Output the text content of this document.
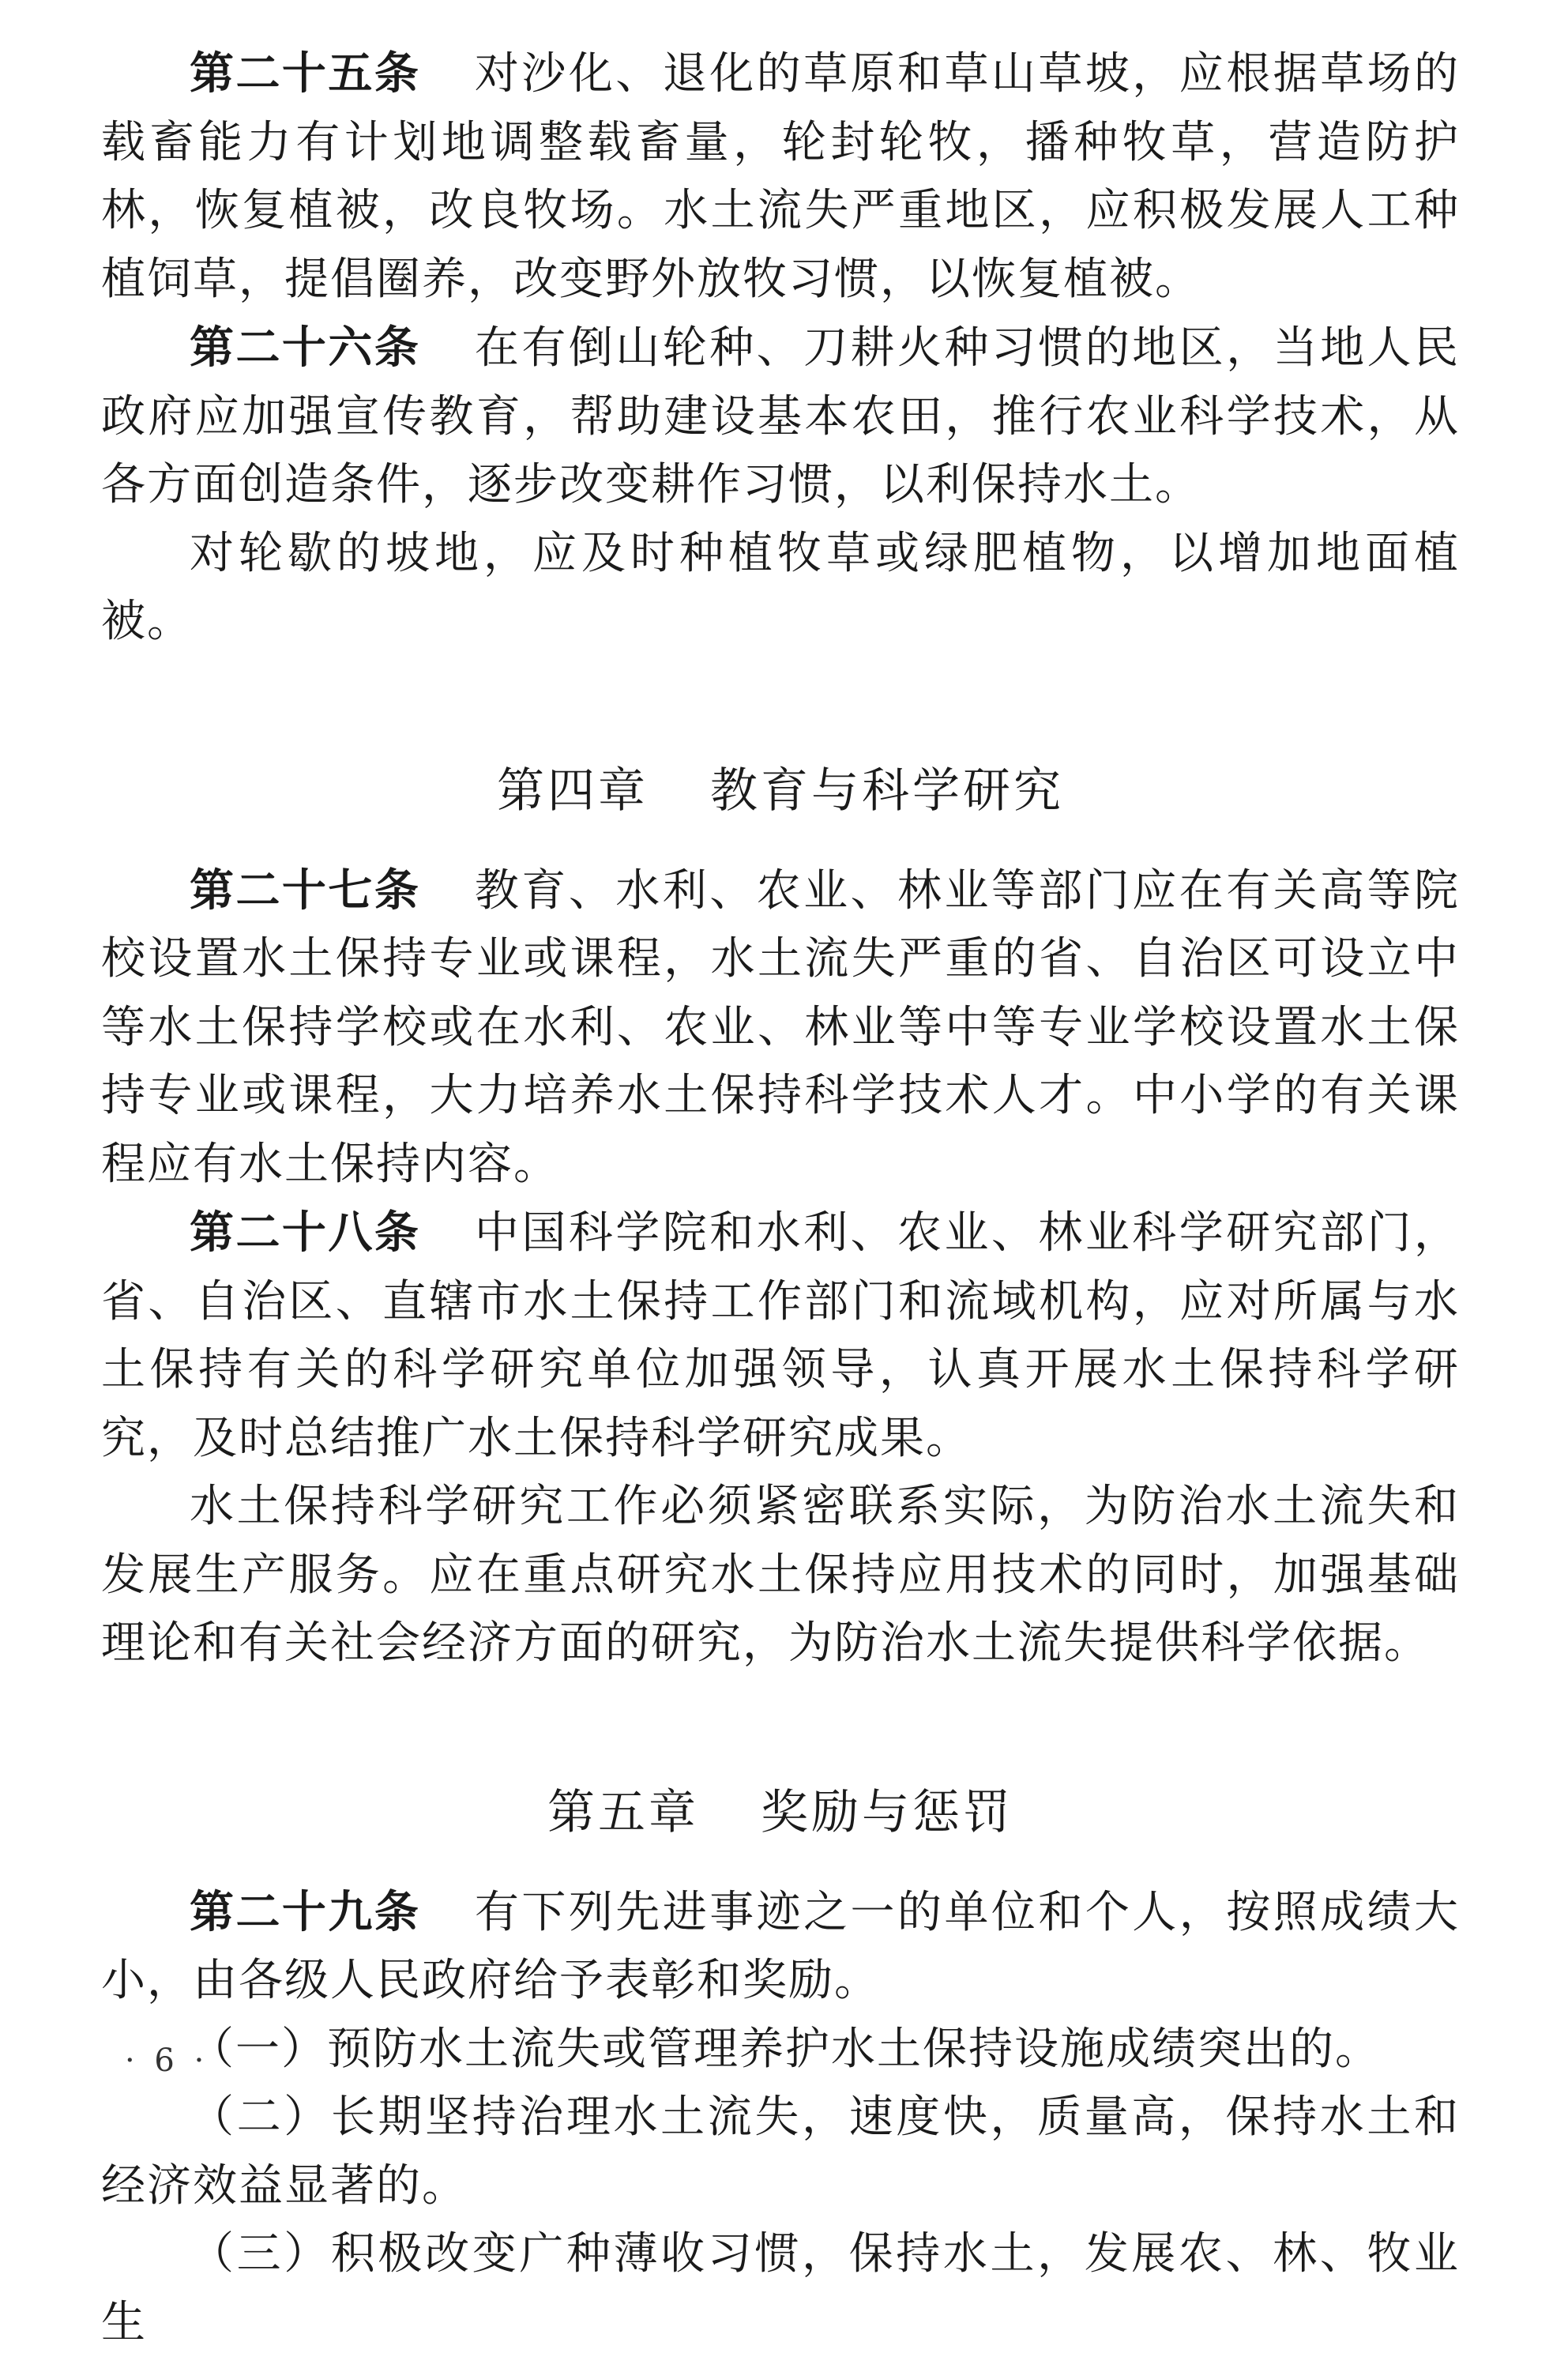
第二十五条 对沙化、退化的草原和草山草坡，应根据草场的载畜能力有计划地调整载畜量，轮封轮牧，播种牧草，营造防护林，恢复植被，改良牧场。水土流失严重地区，应积极发展人工种植饲草，提倡圈养，改变野外放牧习惯，以恢复植被。

第二十六条 在有倒山轮种、刀耕火种习惯的地区，当地人民政府应加强宣传教育，帮助建设基本农田，推行农业科学技术，从各方面创造条件，逐步改变耕作习惯，以利保持水土。

对轮歇的坡地，应及时种植牧草或绿肥植物，以增加地面植被。

第四章 教育与科学研究

第二十七条 教育、水利、农业、林业等部门应在有关高等院校设置水土保持专业或课程，水土流失严重的省、自治区可设立中等水土保持学校或在水利、农业、林业等中等专业学校设置水土保持专业或课程，大力培养水土保持科学技术人才。中小学的有关课程应有水土保持内容。

第二十八条 中国科学院和水利、农业、林业科学研究部门，省、自治区、直辖市水土保持工作部门和流域机构，应对所属与水土保持有关的科学研究单位加强领导，认真开展水土保持科学研究，及时总结推广水土保持科学研究成果。

水土保持科学研究工作必须紧密联系实际，为防治水土流失和发展生产服务。应在重点研究水土保持应用技术的同时，加强基础理论和有关社会经济方面的研究，为防治水土流失提供科学依据。

第五章 奖励与惩罚

第二十九条 有下列先进事迹之一的单位和个人，按照成绩大小，由各级人民政府给予表彰和奖励。

（一）预防水土流失或管理养护水土保持设施成绩突出的。

（二）长期坚持治理水土流失，速度快，质量高，保持水土和经济效益显著的。

（三）积极改变广种薄收习惯，保持水土，发展农、林、牧业生

· 6 ·
